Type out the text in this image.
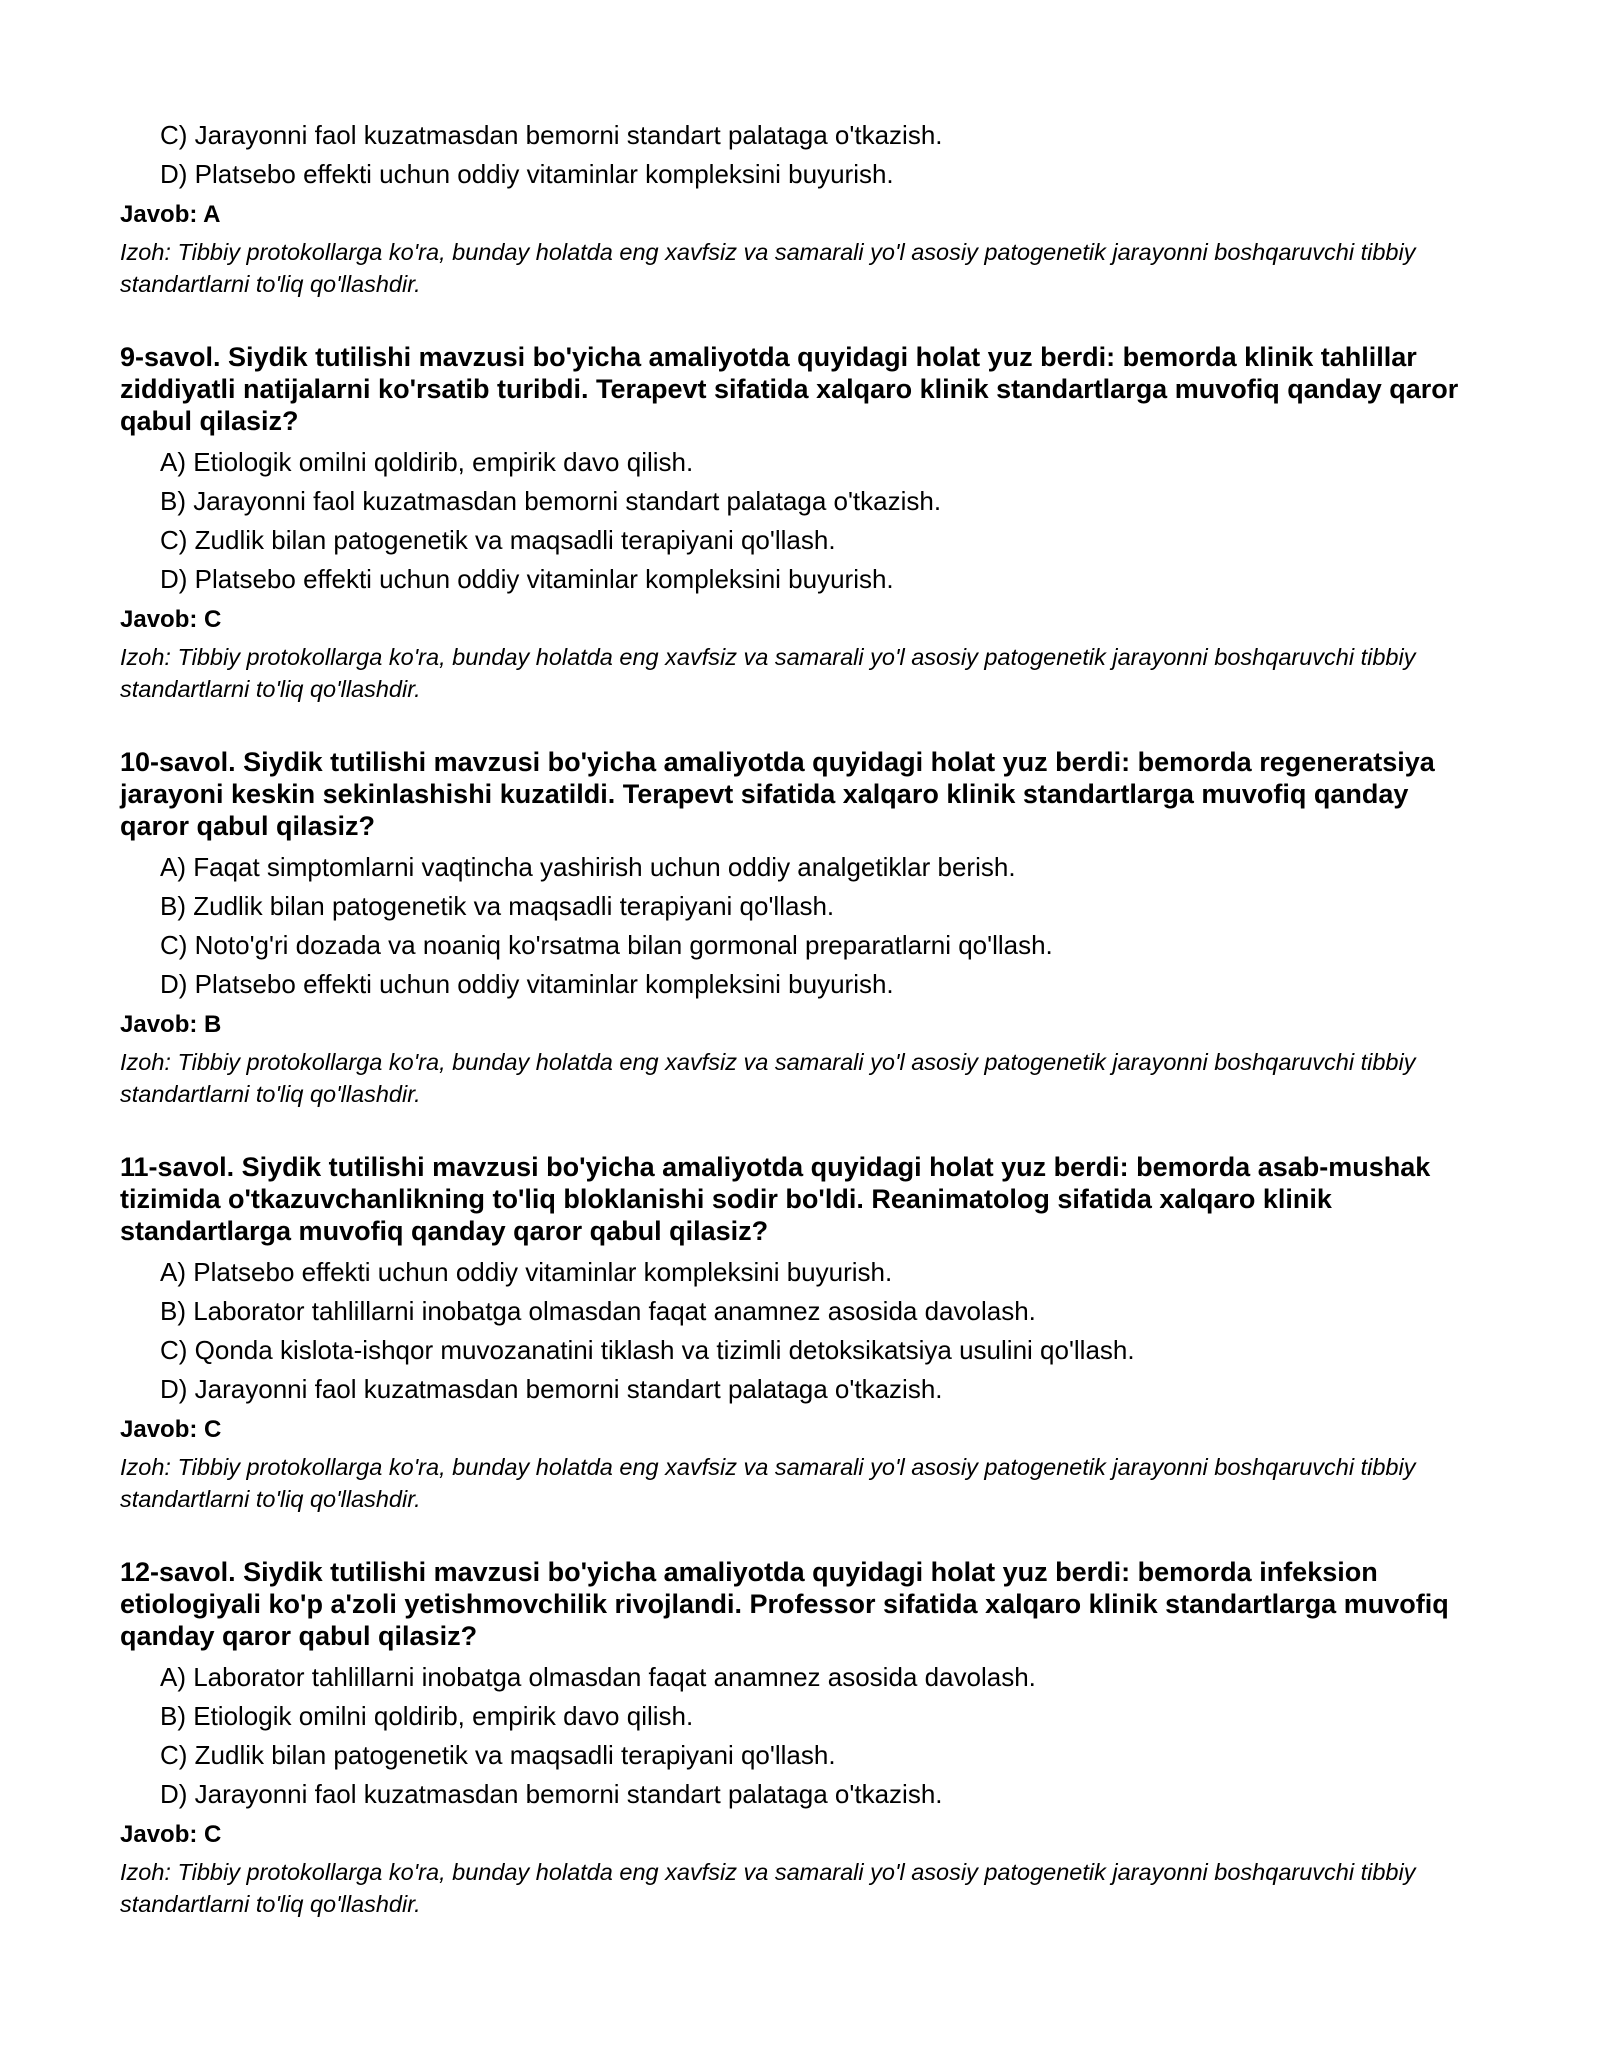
C) Jarayonni faol kuzatmasdan bemorni standart palataga o'tkazish.
D) Platsebo effekti uchun oddiy vitaminlar kompleksini buyurish.
Javob: A
Izoh: Tibbiy protokollarga ko'ra, bunday holatda eng xavfsiz va samarali yo'l asosiy patogenetik jarayonni boshqaruvchi tibbiy standartlarni to'liq qo'llashdir.
9-savol. Siydik tutilishi mavzusi bo'yicha amaliyotda quyidagi holat yuz berdi: bemorda klinik tahlillar ziddiyatli natijalarni ko'rsatib turibdi. Terapevt sifatida xalqaro klinik standartlarga muvofiq qanday qaror qabul qilasiz?
A) Etiologik omilni qoldirib, empirik davo qilish.
B) Jarayonni faol kuzatmasdan bemorni standart palataga o'tkazish.
C) Zudlik bilan patogenetik va maqsadli terapiyani qo'llash.
D) Platsebo effekti uchun oddiy vitaminlar kompleksini buyurish.
Javob: C
Izoh: Tibbiy protokollarga ko'ra, bunday holatda eng xavfsiz va samarali yo'l asosiy patogenetik jarayonni boshqaruvchi tibbiy standartlarni to'liq qo'llashdir.
10-savol. Siydik tutilishi mavzusi bo'yicha amaliyotda quyidagi holat yuz berdi: bemorda regeneratsiya jarayoni keskin sekinlashishi kuzatildi. Terapevt sifatida xalqaro klinik standartlarga muvofiq qanday qaror qabul qilasiz?
A) Faqat simptomlarni vaqtincha yashirish uchun oddiy analgetiklar berish.
B) Zudlik bilan patogenetik va maqsadli terapiyani qo'llash.
C) Noto'g'ri dozada va noaniq ko'rsatma bilan gormonal preparatlarni qo'llash.
D) Platsebo effekti uchun oddiy vitaminlar kompleksini buyurish.
Javob: B
Izoh: Tibbiy protokollarga ko'ra, bunday holatda eng xavfsiz va samarali yo'l asosiy patogenetik jarayonni boshqaruvchi tibbiy standartlarni to'liq qo'llashdir.
11-savol. Siydik tutilishi mavzusi bo'yicha amaliyotda quyidagi holat yuz berdi: bemorda asab-mushak tizimida o'tkazuvchanlikning to'liq bloklanishi sodir bo'ldi. Reanimatolog sifatida xalqaro klinik standartlarga muvofiq qanday qaror qabul qilasiz?
A) Platsebo effekti uchun oddiy vitaminlar kompleksini buyurish.
B) Laborator tahlillarni inobatga olmasdan faqat anamnez asosida davolash.
C) Qonda kislota-ishqor muvozanatini tiklash va tizimli detoksikatsiya usulini qo'llash.
D) Jarayonni faol kuzatmasdan bemorni standart palataga o'tkazish.
Javob: C
Izoh: Tibbiy protokollarga ko'ra, bunday holatda eng xavfsiz va samarali yo'l asosiy patogenetik jarayonni boshqaruvchi tibbiy standartlarni to'liq qo'llashdir.
12-savol. Siydik tutilishi mavzusi bo'yicha amaliyotda quyidagi holat yuz berdi: bemorda infeksion etiologiyali ko'p a'zoli yetishmovchilik rivojlandi. Professor sifatida xalqaro klinik standartlarga muvofiq qanday qaror qabul qilasiz?
A) Laborator tahlillarni inobatga olmasdan faqat anamnez asosida davolash.
B) Etiologik omilni qoldirib, empirik davo qilish.
C) Zudlik bilan patogenetik va maqsadli terapiyani qo'llash.
D) Jarayonni faol kuzatmasdan bemorni standart palataga o'tkazish.
Javob: C
Izoh: Tibbiy protokollarga ko'ra, bunday holatda eng xavfsiz va samarali yo'l asosiy patogenetik jarayonni boshqaruvchi tibbiy standartlarni to'liq qo'llashdir.
